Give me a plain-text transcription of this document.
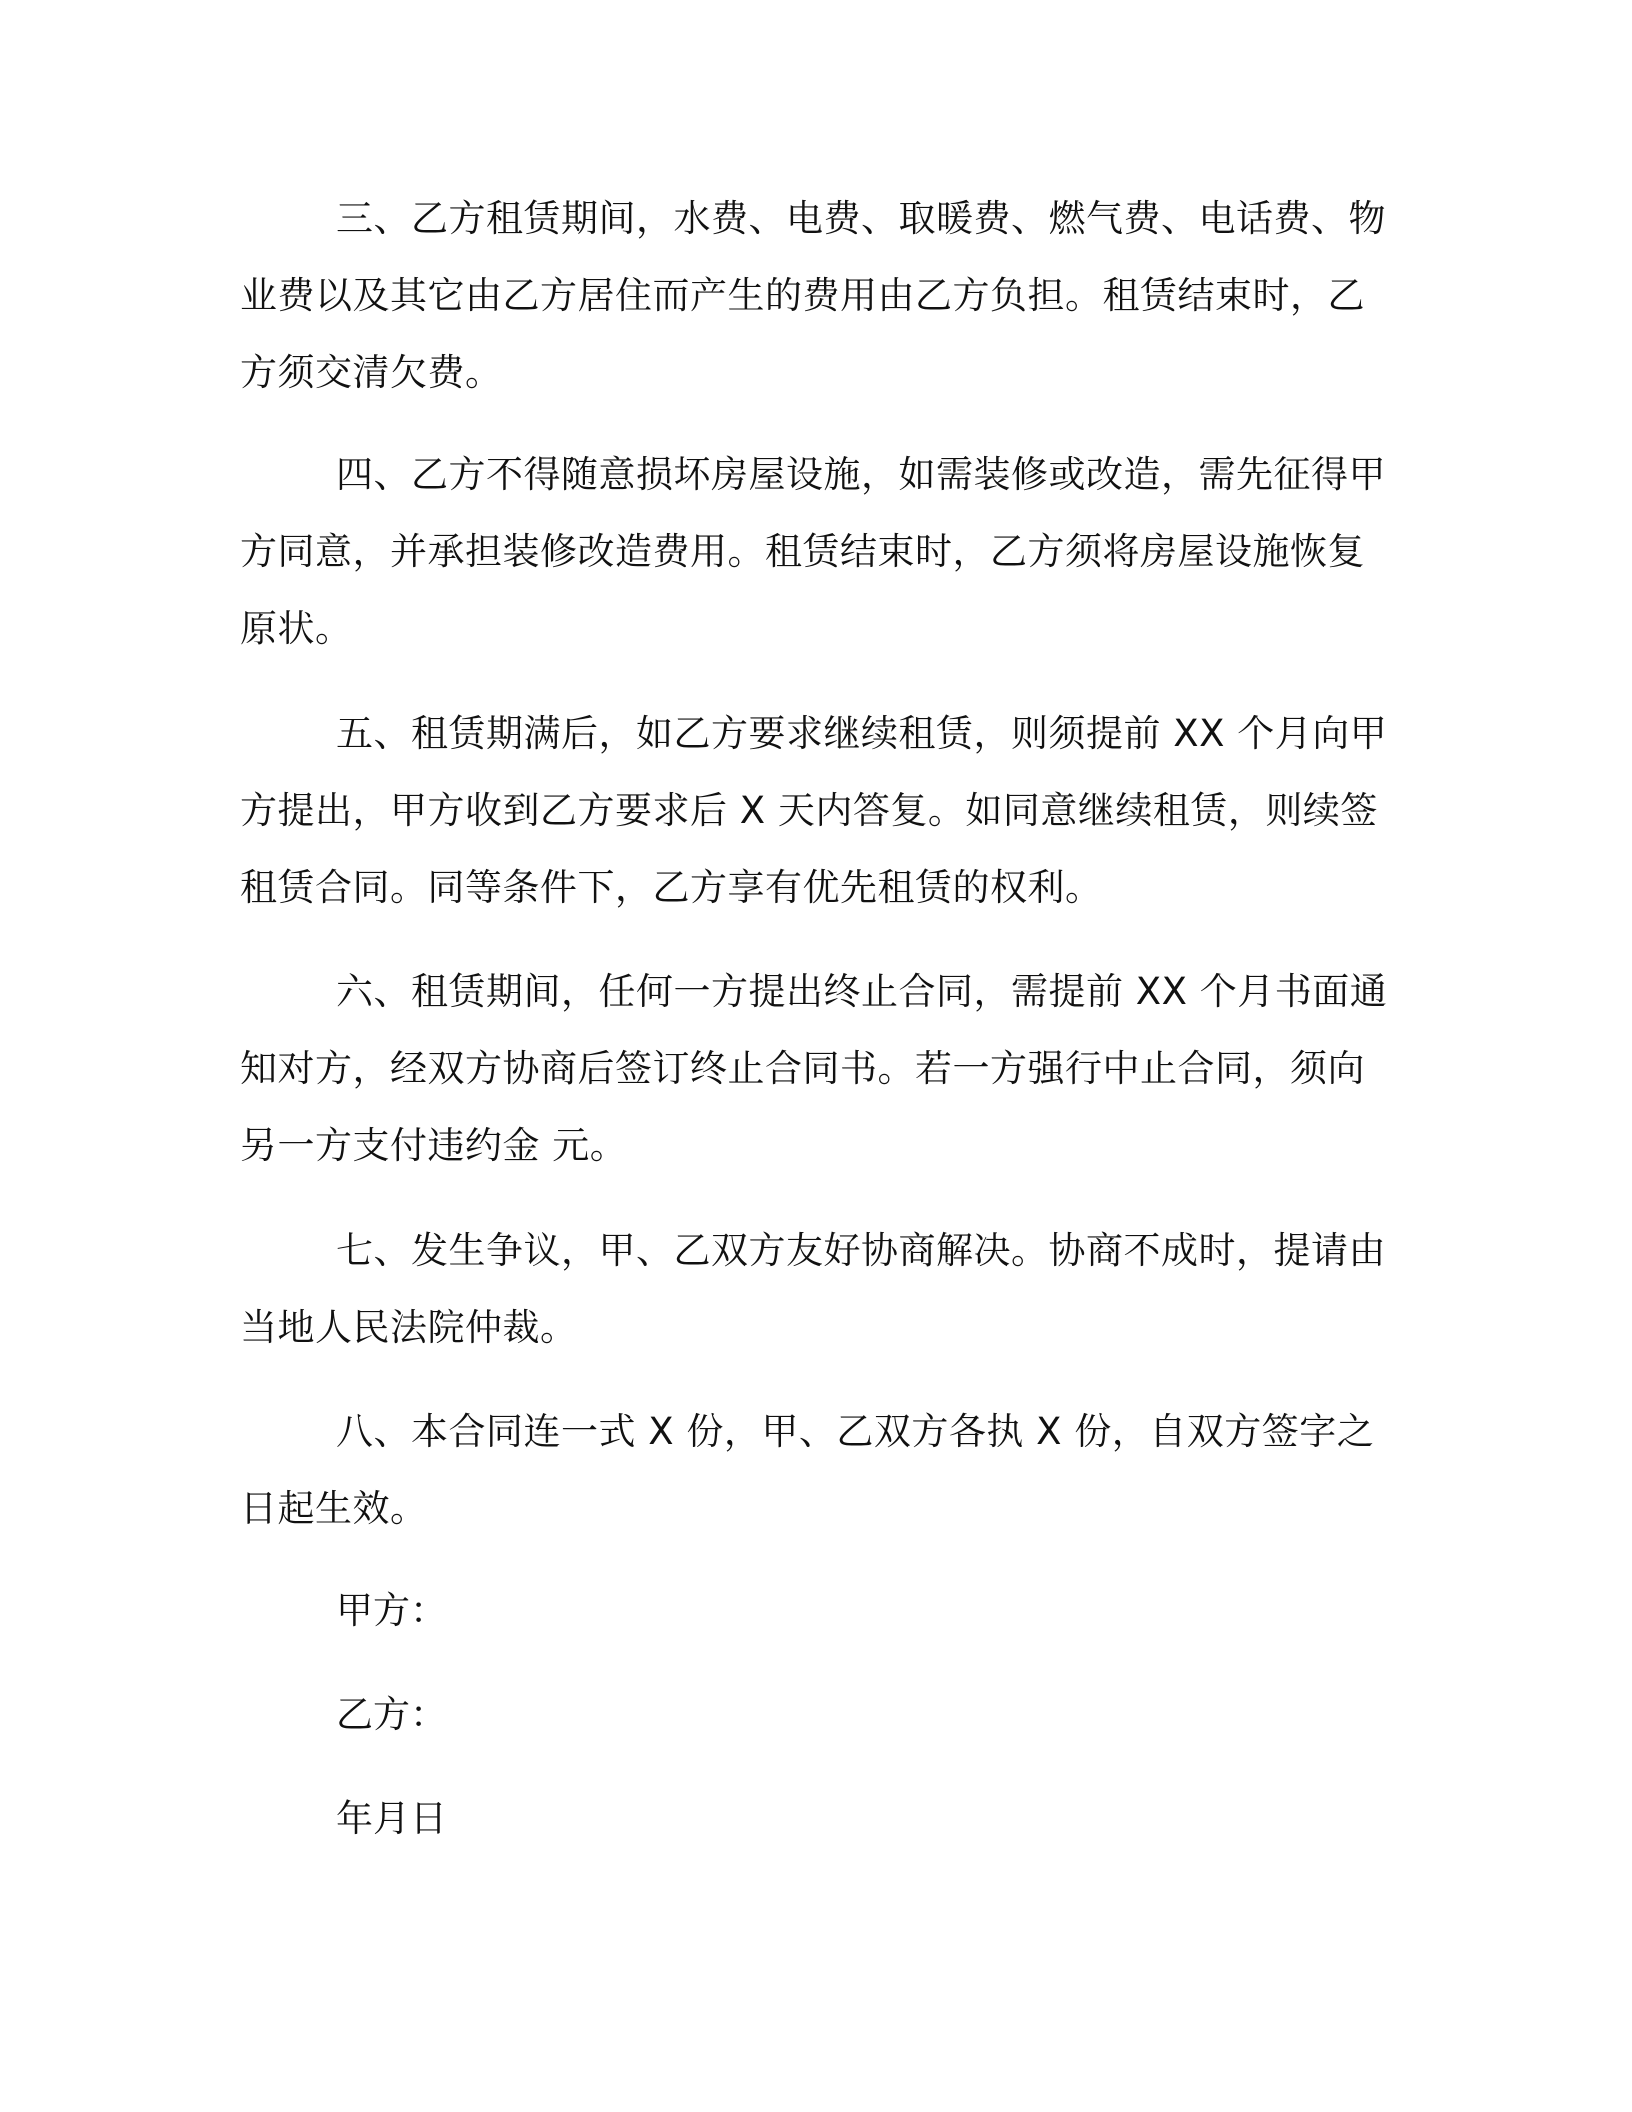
三、乙方租赁期间，水费、电费、取暖费、燃气费、电话费、物业费以及其它由乙方居住而产生的费用由乙方负担。租赁结束时，乙方须交清欠费。

四、乙方不得随意损坏房屋设施，如需装修或改造，需先征得甲方同意，并承担装修改造费用。租赁结束时，乙方须将房屋设施恢复原状。

五、租赁期满后，如乙方要求继续租赁，则须提前 XX 个月向甲方提出，甲方收到乙方要求后 X 天内答复。如同意继续租赁，则续签租赁合同。同等条件下，乙方享有优先租赁的权利。

六、租赁期间，任何一方提出终止合同，需提前 XX 个月书面通知对方，经双方协商后签订终止合同书。若一方强行中止合同，须向另一方支付违约金 元。

七、发生争议，甲、乙双方友好协商解决。协商不成时，提请由当地人民法院仲裁。

八、本合同连一式 X 份，甲、乙双方各执 X 份，自双方签字之日起生效。

甲方：

乙方：

年月日
